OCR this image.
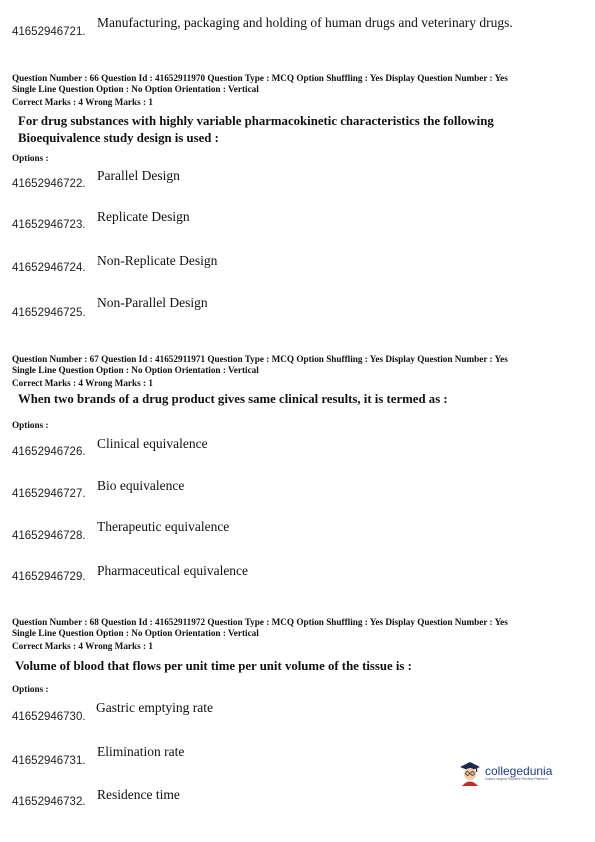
41652946721.
Manufacturing, packaging and holding of human drugs and veterinary drugs.
Question Number : 66 Question Id : 41652911970 Question Type : MCQ Option Shuffling : Yes Display Question Number : Yes
Single Line Question Option : No Option Orientation : Vertical
Correct Marks : 4 Wrong Marks : 1
For drug substances with highly variable pharmacokinetic characteristics the following
Bioequivalence study design is used :
Options :
41652946722.
Parallel Design
41652946723.
Replicate Design
41652946724. Non-Replicate Design
41652946725.
Non-Parallel Design
Question Number : 67 Question Id : 41652911971 Question Type : MCQ Option Shuffling : Yes Display Question Number : Yes
Single Line Question Option : No Option Orientation : Vertical
Correct Marks : 4 Wrong Marks : 1
When two brands of a drug product gives same clinical results, it is termed as :
Options :
41652946726.
Clinical equivalence
41652946727.
Bio equivalence
41652946728.
Therapeutic equivalence
41652946729. Pharmaceutical equivalence
Question Number : 68 Question Id : 41652911972 Question Type : MCQ Option Shuffling : Yes Display Question Number : Yes
Single Line Question Option : No Option Orientation : Vertical
Correct Marks : 4 Wrong Marks : 1
Volume of blood that flows per unit time per unit volume of the tissue is :
Options :
41652946730.
Gastric emptying rate
41652946731.
Elimination rate
41652946732. Residence time
collegedunia
India's largest Student Review Platform
